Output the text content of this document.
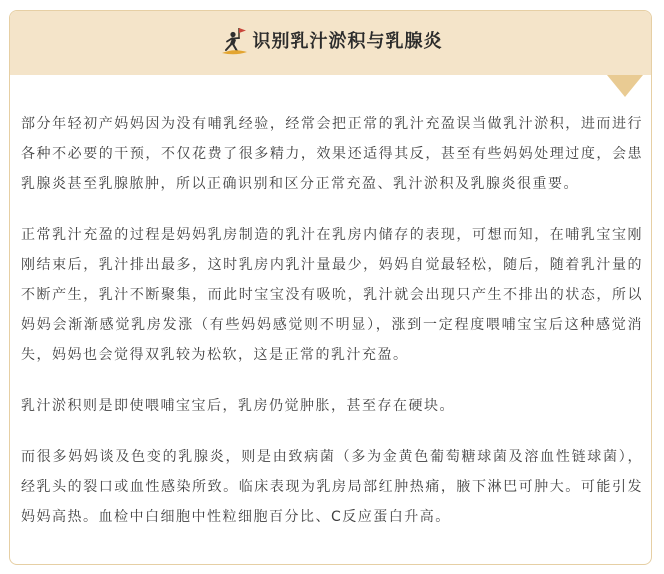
识别乳汁淤积与乳腺炎

部分年轻初产妈妈因为没有哺乳经验，经常会把正常的乳汁充盈误当做乳汁淤积，进而进行各种不必要的干预，不仅花费了很多精力，效果还适得其反，甚至有些妈妈处理过度，会患乳腺炎甚至乳腺脓肿，所以正确识别和区分正常充盈、乳汁淤积及乳腺炎很重要。

正常乳汁充盈的过程是妈妈乳房制造的乳汁在乳房内储存的表现，可想而知，在哺乳宝宝刚刚结束后，乳汁排出最多，这时乳房内乳汁量最少，妈妈自觉最轻松，随后，随着乳汁量的不断产生，乳汁不断聚集，而此时宝宝没有吸吮，乳汁就会出现只产生不排出的状态，所以妈妈会渐渐感觉乳房发涨（有些妈妈感觉则不明显），涨到一定程度喂哺宝宝后这种感觉消失，妈妈也会觉得双乳较为松软，这是正常的乳汁充盈。

乳汁淤积则是即使喂哺宝宝后，乳房仍觉肿胀，甚至存在硬块。

而很多妈妈谈及色变的乳腺炎，则是由致病菌（多为金黄色葡萄糖球菌及溶血性链球菌），经乳头的裂口或血性感染所致。临床表现为乳房局部红肿热痛，腋下淋巴可肿大。可能引发妈妈高热。血检中白细胞中性粒细胞百分比、C反应蛋白升高。
